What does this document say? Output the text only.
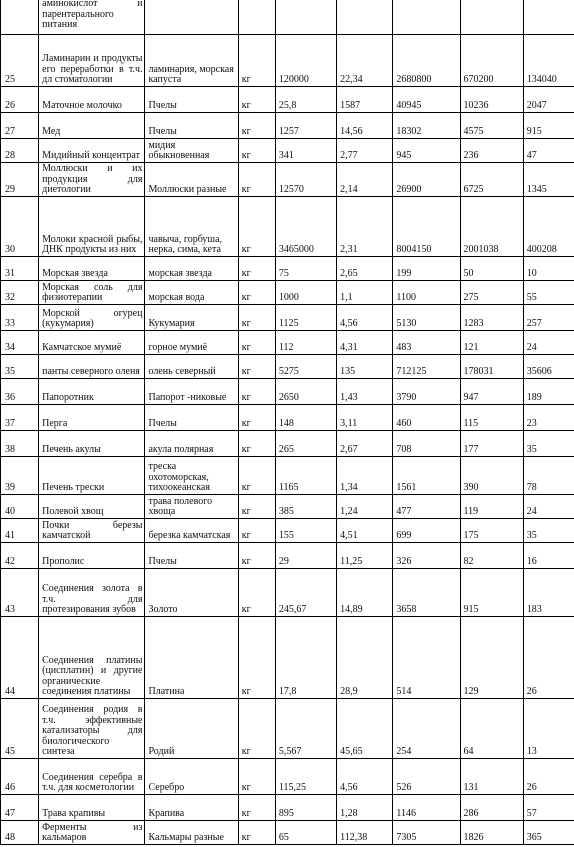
	аминокислот и парентерального питания							
25	Ламинарин и продукты его переработки в т.ч. дл стоматологии	ламинария, морская капуста	кг	120000	22,34	2680800	670200	134040
26	Маточное молочко	Пчелы	кг	25,8	1587	40945	10236	2047
27	Мед	Пчелы	кг	1257	14,56	18302	4575	915
28	Мидийный концентрат	мидия обыкновенная	кг	341	2,77	945	236	47
29	Моллюски и их продукция для диетологии	Моллюски разные	кг	12570	2,14	26900	6725	1345
30	Молоки красной рыбы, ДНК продукты из них	чавыча, горбуша, нерка, сима, кета	кг	3465000	2,31	8004150	2001038	400208
31	Морская звезда	морская звезда	кг	75	2,65	199	50	10
32	Морская соль для физиотерапии	морская вода	кг	1000	1,1	1100	275	55
33	Морской огурец (кукумария)	Кукумария	кг	1125	4,56	5130	1283	257
34	Камчатское мумиё	горное мумиё	кг	112	4,31	483	121	24
35	панты северного оленя	олень северный	кг	5275	135	712125	178031	35606
36	Папоротник	Папорот -никовые	кг	2650	1,43	3790	947	189
37	Перга	Пчелы	кг	148	3,11	460	115	23
38	Печень акулы	акула полярная	кг	265	2,67	708	177	35
39	Печень трески	треска охотоморская, тихоокеанская	кг	1165	1,34	1561	390	78
40	Полевой хвощ	трава полевого хвоща	кг	385	1,24	477	119	24
41	Почки березы камчатской	березка камчатская	кг	155	4,51	699	175	35
42	Прополис	Пчелы	кг	29	11,25	326	82	16
43	Соединения золота в т.ч. для протезирования зубов	Золото	кг	245,67	14,89	3658	915	183
44	Соединения платины (цисплатин) и другие органические соединения платины	Платина	кг	17,8	28,9	514	129	26
45	Соединения родия в т.ч. эффективные катализаторы для биологического синтеза	Родий	кг	5,567	45,65	254	64	13
46	Соединения серебра в т.ч. для косметологии	Серебро	кг	115,25	4,56	526	131	26
47	Трава крапивы	Крапива	кг	895	1,28	1146	286	57
48	Ферменты из кальмаров	Кальмары разные	кг	65	112,38	7305	1826	365
